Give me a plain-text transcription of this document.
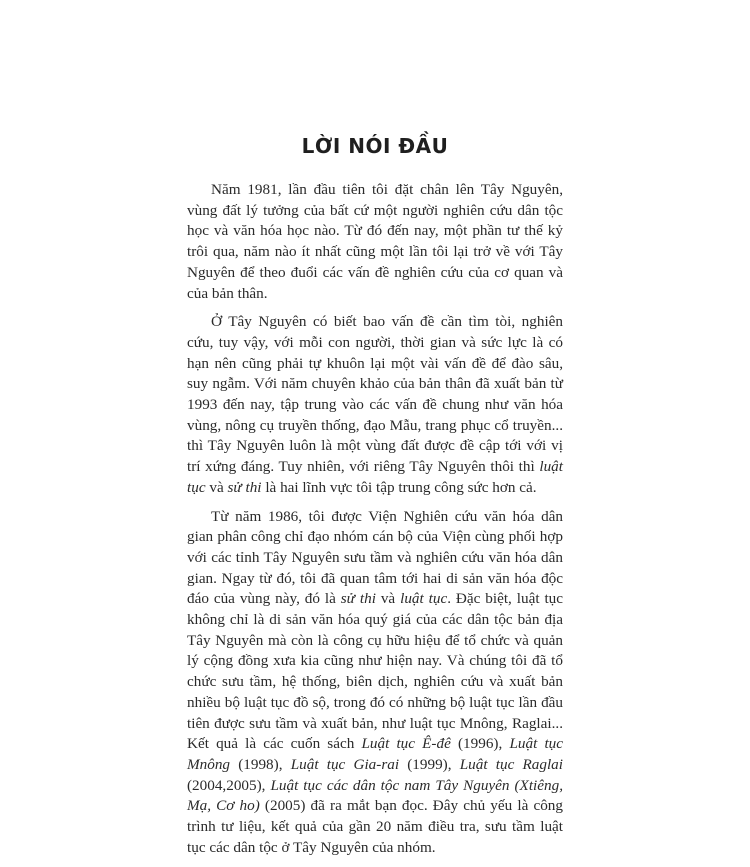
LỜI NÓI ĐẦU

Năm 1981, lần đầu tiên tôi đặt chân lên Tây Nguyên, vùng đất lý tưởng của bất cứ một người nghiên cứu dân tộc học và văn hóa học nào. Từ đó đến nay, một phần tư thế kỷ trôi qua, năm nào ít nhất cũng một lần tôi lại trở về với Tây Nguyên để theo đuổi các vấn đề nghiên cứu của cơ quan và của bản thân.

Ở Tây Nguyên có biết bao vấn đề cần tìm tòi, nghiên cứu, tuy vậy, với mỗi con người, thời gian và sức lực là có hạn nên cũng phải tự khuôn lại một vài vấn đề để đào sâu, suy ngẫm. Với năm chuyên khảo của bản thân đã xuất bản từ 1993 đến nay, tập trung vào các vấn đề chung như văn hóa vùng, nông cụ truyền thống, đạo Mẫu, trang phục cổ truyền... thì Tây Nguyên luôn là một vùng đất được đề cập tới với vị trí xứng đáng. Tuy nhiên, với riêng Tây Nguyên thôi thì luật tục và sử thi là hai lĩnh vực tôi tập trung công sức hơn cả.

Từ năm 1986, tôi được Viện Nghiên cứu văn hóa dân gian phân công chỉ đạo nhóm cán bộ của Viện cùng phối hợp với các tỉnh Tây Nguyên sưu tầm và nghiên cứu văn hóa dân gian. Ngay từ đó, tôi đã quan tâm tới hai di sản văn hóa độc đáo của vùng này, đó là sử thi và luật tục. Đặc biệt, luật tục không chỉ là di sản văn hóa quý giá của các dân tộc bản địa Tây Nguyên mà còn là công cụ hữu hiệu để tổ chức và quản lý cộng đồng xưa kia cũng như hiện nay. Và chúng tôi đã tổ chức sưu tầm, hệ thống, biên dịch, nghiên cứu và xuất bản nhiều bộ luật tục đồ sộ, trong đó có những bộ luật tục lần đầu tiên được sưu tầm và xuất bản, như luật tục Mnông, Raglai... Kết quả là các cuốn sách Luật tục Ê-đê (1996), Luật tục Mnông (1998), Luật tục Gia-rai (1999), Luật tục Raglai (2004,2005), Luật tục các dân tộc nam Tây Nguyên (Xtiêng, Mạ, Cơ ho) (2005) đã ra mắt bạn đọc. Đây chủ yếu là công trình tư liệu, kết quả của gần 20 năm điều tra, sưu tầm luật tục các dân tộc ở Tây Nguyên của nhóm.
